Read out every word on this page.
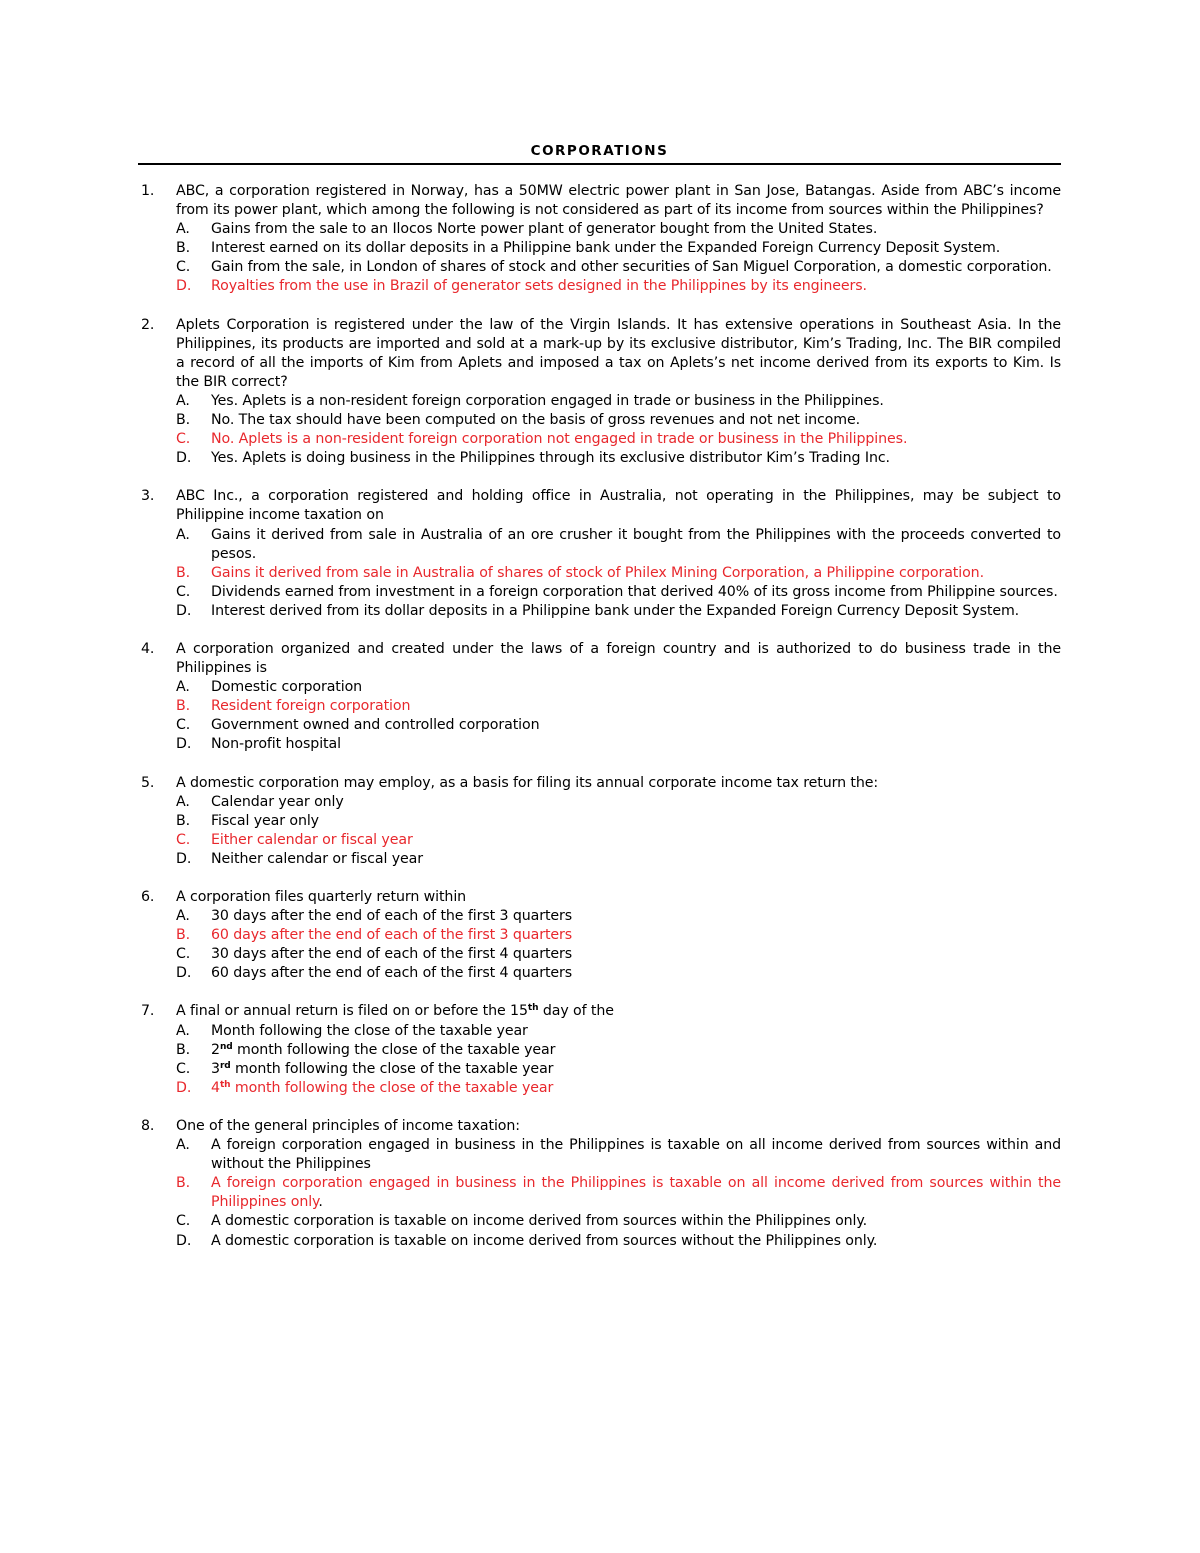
CORPORATIONS
1. ABC, a corporation registered in Norway, has a 50MW electric power plant in San Jose, Batangas. Aside from ABC’s income from its power plant, which among the following is not considered as part of its income from sources within the Philippines?
A. Gains from the sale to an Ilocos Norte power plant of generator bought from the United States.
B. Interest earned on its dollar deposits in a Philippine bank under the Expanded Foreign Currency Deposit System.
C. Gain from the sale, in London of shares of stock and other securities of San Miguel Corporation, a domestic corporation.
D. Royalties from the use in Brazil of generator sets designed in the Philippines by its engineers.
2. Aplets Corporation is registered under the law of the Virgin Islands. It has extensive operations in Southeast Asia. In the Philippines, its products are imported and sold at a mark-up by its exclusive distributor, Kim’s Trading, Inc. The BIR compiled a record of all the imports of Kim from Aplets and imposed a tax on Aplets’s net income derived from its exports to Kim. Is the BIR correct?
A. Yes. Aplets is a non-resident foreign corporation engaged in trade or business in the Philippines.
B. No. The tax should have been computed on the basis of gross revenues and not net income.
C. No. Aplets is a non-resident foreign corporation not engaged in trade or business in the Philippines.
D. Yes. Aplets is doing business in the Philippines through its exclusive distributor Kim’s Trading Inc.
3. ABC Inc., a corporation registered and holding office in Australia, not operating in the Philippines, may be subject to Philippine income taxation on
A. Gains it derived from sale in Australia of an ore crusher it bought from the Philippines with the proceeds converted to pesos.
B. Gains it derived from sale in Australia of shares of stock of Philex Mining Corporation, a Philippine corporation.
C. Dividends earned from investment in a foreign corporation that derived 40% of its gross income from Philippine sources.
D. Interest derived from its dollar deposits in a Philippine bank under the Expanded Foreign Currency Deposit System.
4. A corporation organized and created under the laws of a foreign country and is authorized to do business trade in the Philippines is
A. Domestic corporation
B. Resident foreign corporation
C. Government owned and controlled corporation
D. Non-profit hospital
5. A domestic corporation may employ, as a basis for filing its annual corporate income tax return the:
A. Calendar year only
B. Fiscal year only
C. Either calendar or fiscal year
D. Neither calendar or fiscal year
6. A corporation files quarterly return within
A. 30 days after the end of each of the first 3 quarters
B. 60 days after the end of each of the first 3 quarters
C. 30 days after the end of each of the first 4 quarters
D. 60 days after the end of each of the first 4 quarters
7. A final or annual return is filed on or before the 15th day of the
A. Month following the close of the taxable year
B. 2nd month following the close of the taxable year
C. 3rd month following the close of the taxable year
D. 4th month following the close of the taxable year
8. One of the general principles of income taxation:
A. A foreign corporation engaged in business in the Philippines is taxable on all income derived from sources within and without the Philippines
B. A foreign corporation engaged in business in the Philippines is taxable on all income derived from sources within the Philippines only.
C. A domestic corporation is taxable on income derived from sources within the Philippines only.
D. A domestic corporation is taxable on income derived from sources without the Philippines only.
